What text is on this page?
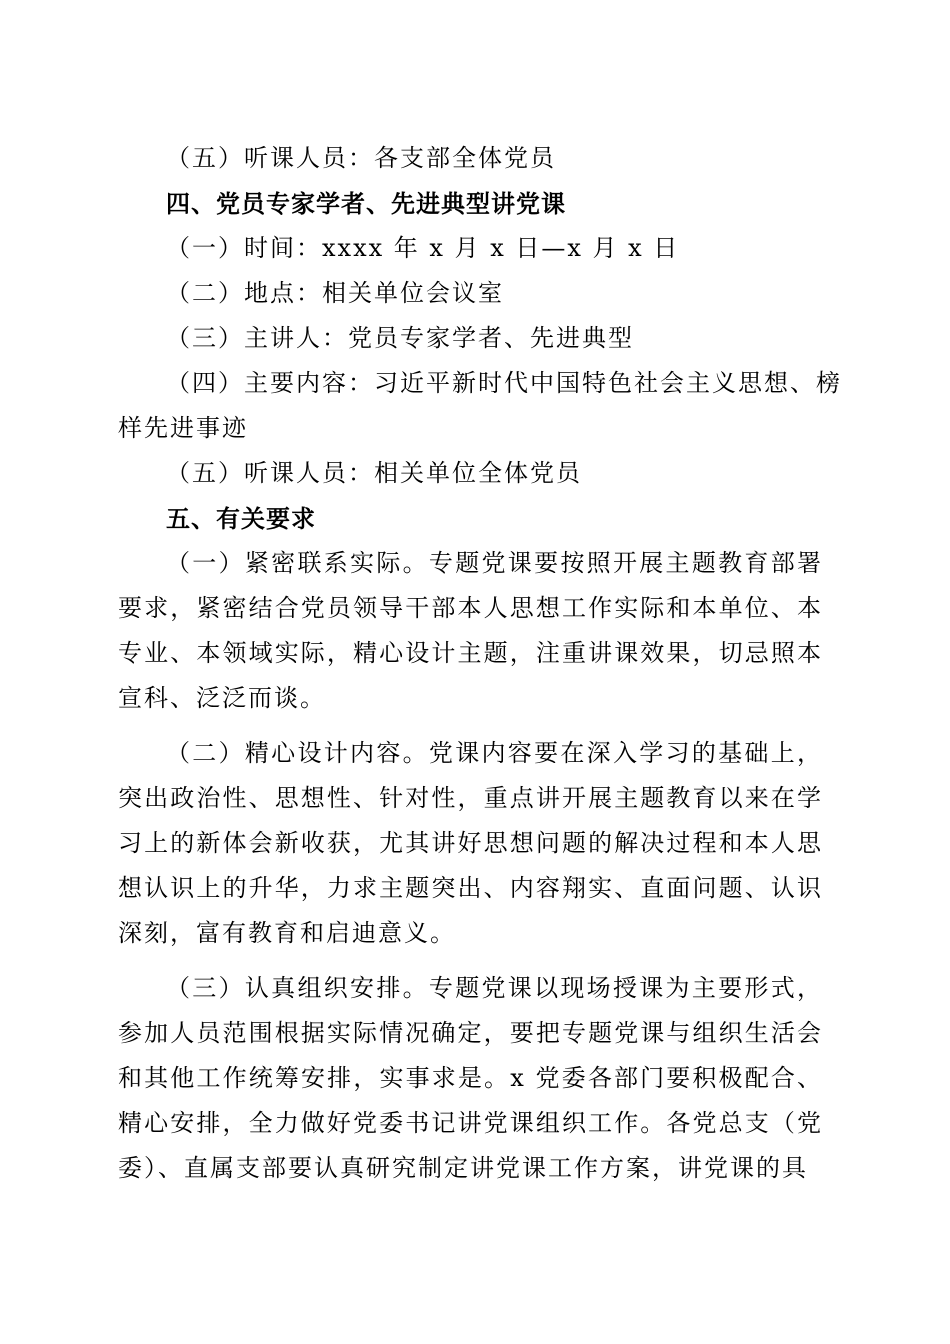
（五）听课人员：各支部全体党员
四、党员专家学者、先进典型讲党课
（一）时间：xxxx 年 x 月 x 日—x 月 x 日
（二）地点：相关单位会议室
（三）主讲人：党员专家学者、先进典型
（四）主要内容：习近平新时代中国特色社会主义思想、榜
样先进事迹
（五）听课人员：相关单位全体党员
五、有关要求

（一）紧密联系实际。专题党课要按照开展主题教育部署要求，紧密结合党员领导干部本人思想工作实际和本单位、本专业、本领域实际，精心设计主题，注重讲课效果，切忌照本宣科、泛泛而谈。

（二）精心设计内容。党课内容要在深入学习的基础上，突出政治性、思想性、针对性，重点讲开展主题教育以来在学习上的新体会新收获，尤其讲好思想问题的解决过程和本人思想认识上的升华，力求主题突出、内容翔实、直面问题、认识深刻，富有教育和启迪意义。

（三）认真组织安排。专题党课以现场授课为主要形式，参加人员范围根据实际情况确定，要把专题党课与组织生活会和其他工作统筹安排，实事求是。x 党委各部门要积极配合、精心安排，全力做好党委书记讲党课组织工作。各党总支（党委）、直属支部要认真研究制定讲党课工作方案，讲党课的具
